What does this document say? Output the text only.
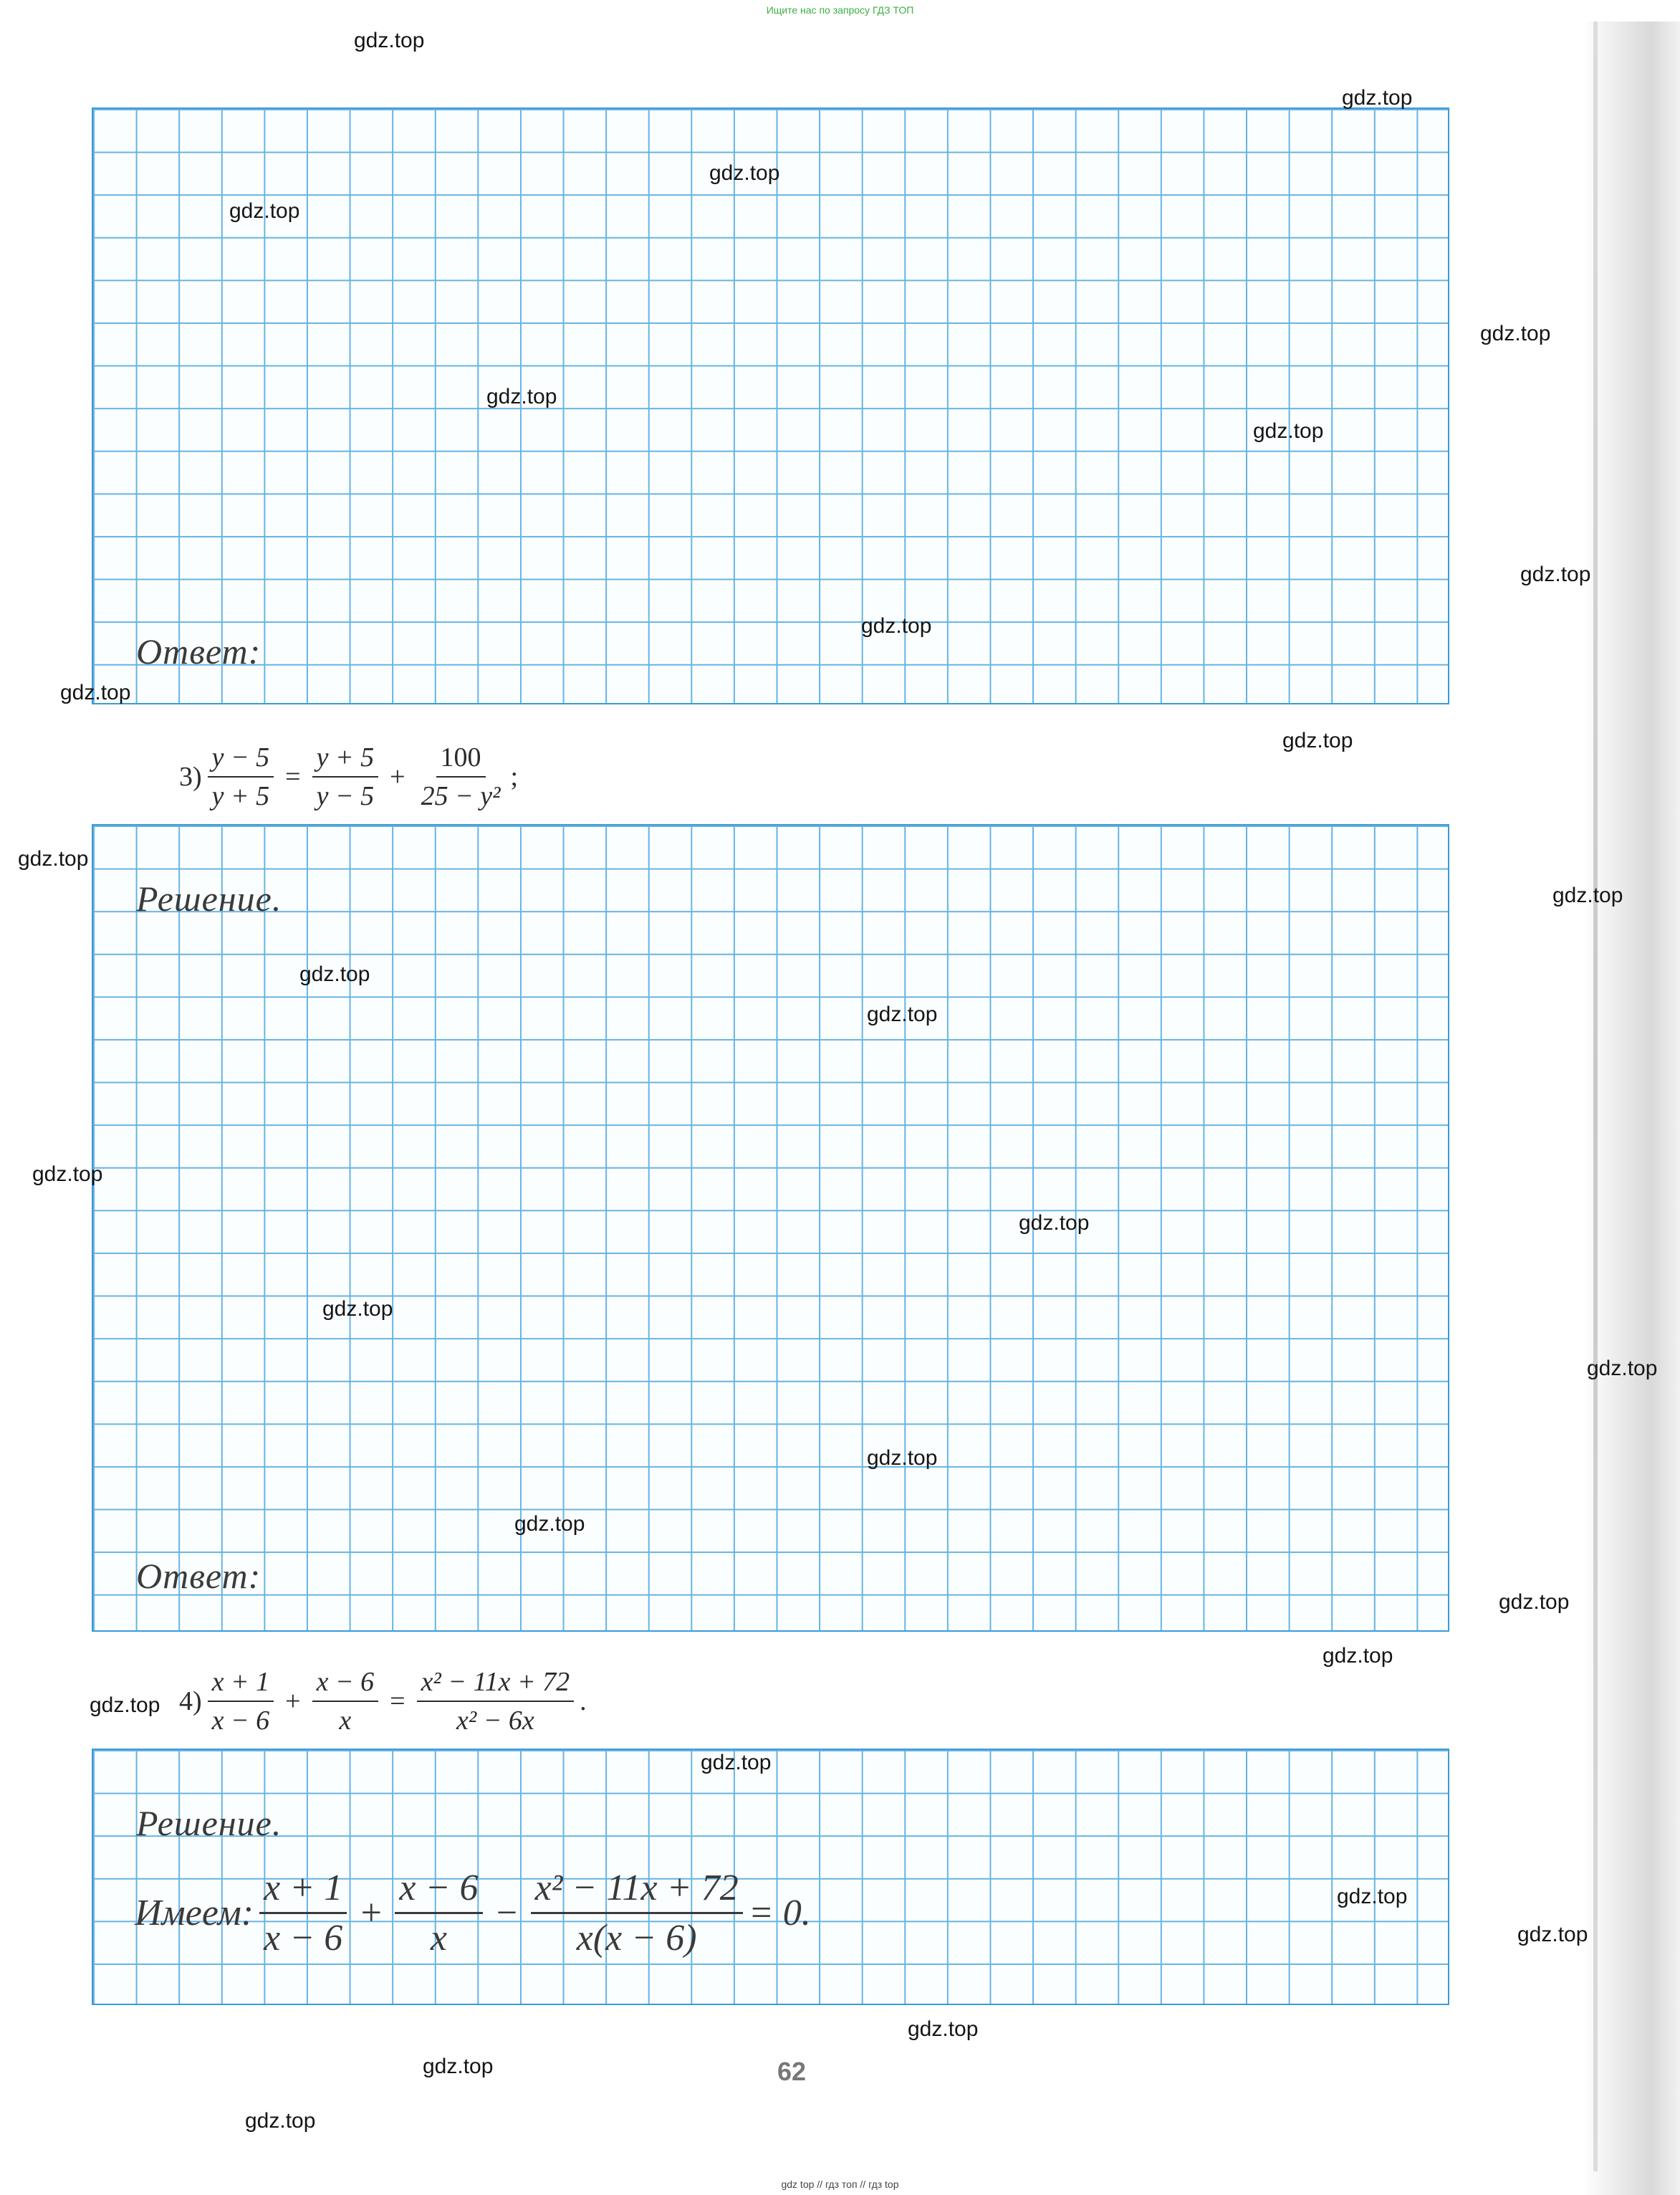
Ищите нас по запросу ГДЗ ТОП
Ответ:
$3) \frac{y - 5}{y + 5} = \frac{y + 5}{y - 5} + \frac{100}{\text{25 − y²}}$ ;
Решение.
Ответ:
$4) \frac{x + 1}{x - 6} + \frac{x - 6}{x} = \frac{\text{x² − 11x + 72}}{\text{x² − 6x}}$ .
Решение.
Имеем: $\frac{x + 1}{x - 6} + \frac{x - 6}{x} - \frac{\text{x² − 11x + 72}}{x(x - 6)} = 0$.
62
gdz top // гдз топ // гдз top
gdz.top
gdz.top
gdz.top
gdz.top
gdz.top
gdz.top
gdz.top
gdz.top
gdz.top
gdz.top
gdz.top
gdz.top
gdz.top
gdz.top
gdz.top
gdz.top
gdz.top
gdz.top
gdz.top
gdz.top
gdz.top
gdz.top
gdz.top
gdz.top
gdz.top
gdz.top
gdz.top
gdz.top
gdz.top
gdz.top
